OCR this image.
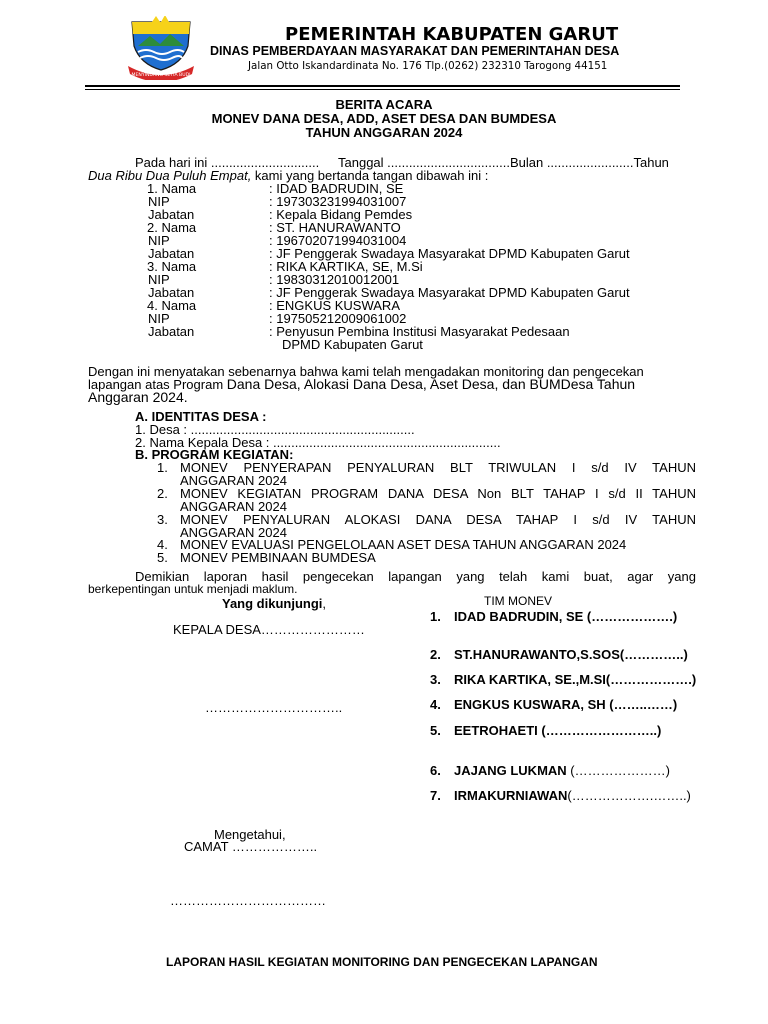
MENYINDANG SETIA BUDI
PEMERINTAH KABUPATEN GARUT
DINAS PEMBERDAYAAN MASYARAKAT DAN PEMERINTAHAN DESA
Jalan Otto Iskandardinata No. 176 Tlp.(0262) 232310 Tarogong 44151
BERITA ACARA
MONEV DANA DESA, ADD, ASET DESA DAN BUMDESA
TAHUN ANGGARAN 2024
Pada hari ini .............................. Tanggal ..................................Bulan ........................Tahun
Dua Ribu Dua Puluh Empat, kami yang bertanda tangan dibawah ini :
1. Nama	: IDAD BADRUDIN, SE
NIP	: 197303231994031007
Jabatan	: Kepala Bidang Pemdes
2. Nama	: ST. HANURAWANTO
NIP	: 196702071994031004
Jabatan	: JF Penggerak Swadaya Masyarakat DPMD Kabupaten Garut
3. Nama	: RIKA KARTIKA, SE, M.Si
NIP	: 19830312010012001
Jabatan	: JF Penggerak Swadaya Masyarakat DPMD Kabupaten Garut
4. Nama	: ENGKUS KUSWARA
NIP	: 197505212009061002
Jabatan	: Penyusun Pembina Institusi Masyarakat Pedesaan
DPMD Kabupaten Garut
Dengan ini menyatakan sebenarnya bahwa kami telah mengadakan monitoring dan pengecekan
lapangan atas Program Dana Desa, Alokasi Dana Desa, Aset Desa, dan BUMDesa Tahun
Anggaran 2024.
A. IDENTITAS DESA :
1. Desa : ..............................................................
2. Nama Kepala Desa : ...............................................................
B. PROGRAM KEGIATAN:
1. MONEV PENYERAPAN PENYALURAN BLT TRIWULAN I s/d IV TAHUN
ANGGARAN 2024
2. MONEV KEGIATAN PROGRAM DANA DESA Non BLT TAHAP I s/d II TAHUN
ANGGARAN 2024
3. MONEV PENYALURAN ALOKASI DANA DESA TAHAP I s/d IV TAHUN
ANGGARAN 2024
4. MONEV EVALUASI PENGELOLAAN ASET DESA TAHUN ANGGARAN 2024
5. MONEV PEMBINAAN BUMDESA
Demikian laporan hasil pengecekan lapangan yang telah kami buat, agar yang
berkepentingan untuk menjadi maklum.
Yang dikunjungi,
KEPALA DESA……………………
…………………………..
Mengetahui,
CAMAT ………………..
………………………………
TIM MONEV
1. IDAD BADRUDIN, SE (……………….)
2. ST.HANURAWANTO,S.SOS(…………..)
3. RIKA KARTIKA, SE.,M.SI(……………….)
4. ENGKUS KUSWARA, SH (……..……)
5. EETROHAETI (……………………..)
6. JAJANG LUKMAN (…………………)
7. IRMAKURNIAWAN(……………….……..)
LAPORAN HASIL KEGIATAN MONITORING DAN PENGECEKAN LAPANGAN
